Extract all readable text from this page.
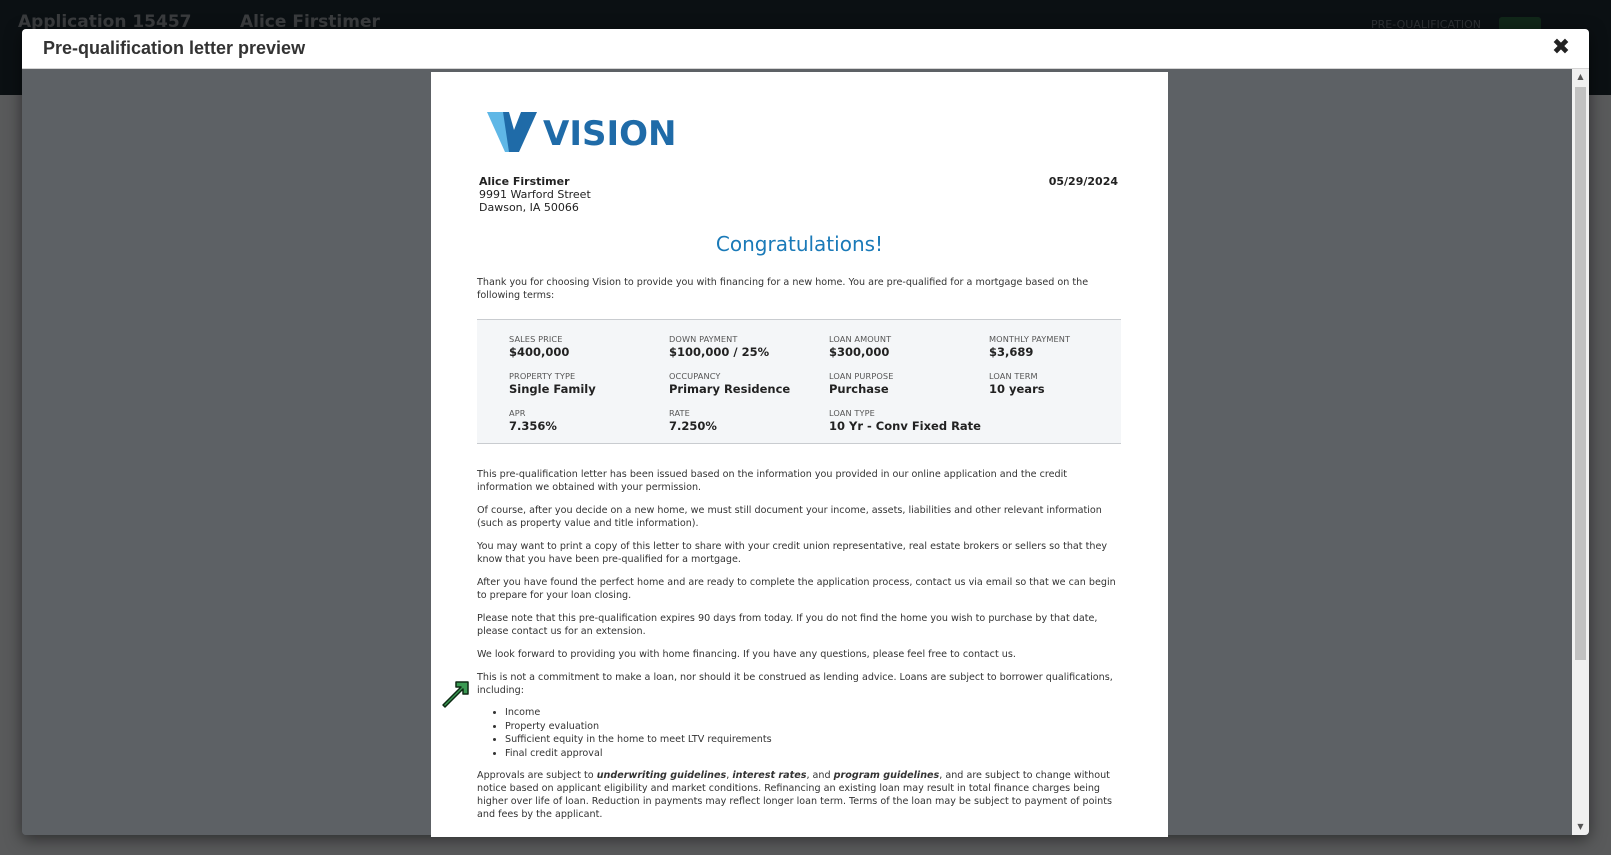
Pre-qualification letter preview	✖
▲
▼
VISION
Alice Firstimer
9991 Warford Street
Dawson, IA 50066
05/29/2024
Congratulations!
Thank you for choosing Vision to provide you with financing for a new home. You are pre-qualified for a mortgage based on the following terms:
SALES PRICE
$400,000
DOWN PAYMENT
$100,000 / 25%
LOAN AMOUNT
$300,000
MONTHLY PAYMENT
$3,689
PROPERTY TYPE
Single Family
OCCUPANCY
Primary Residence
LOAN PURPOSE
Purchase
LOAN TERM
10 years
APR
7.356%
RATE
7.250%
LOAN TYPE
10 Yr - Conv Fixed Rate

This pre-qualification letter has been issued based on the information you provided in our online application and the credit information we obtained with your permission.

Of course, after you decide on a new home, we must still document your income, assets, liabilities and other relevant information (such as property value and title information).

You may want to print a copy of this letter to share with your credit union representative, real estate brokers or sellers so that they know that you have been pre-qualified for a mortgage.

After you have found the perfect home and are ready to complete the application process, contact us via email so that we can begin to prepare for your loan closing.

Please note that this pre-qualification expires 90 days from today. If you do not find the home you wish to purchase by that date, please contact us for an extension.

We look forward to providing you with home financing. If you have any questions, please feel free to contact us.

This is not a commitment to make a loan, nor should it be construed as lending advice. Loans are subject to borrower qualifications, including:

• Income
• Property evaluation
• Sufficient equity in the home to meet LTV requirements
• Final credit approval

Approvals are subject to underwriting guidelines, interest rates, and program guidelines, and are subject to change without notice based on applicant eligibility and market conditions. Refinancing an existing loan may result in total finance charges being higher over life of loan. Reduction in payments may reflect longer loan term. Terms of the loan may be subject to payment of points and fees by the applicant.
